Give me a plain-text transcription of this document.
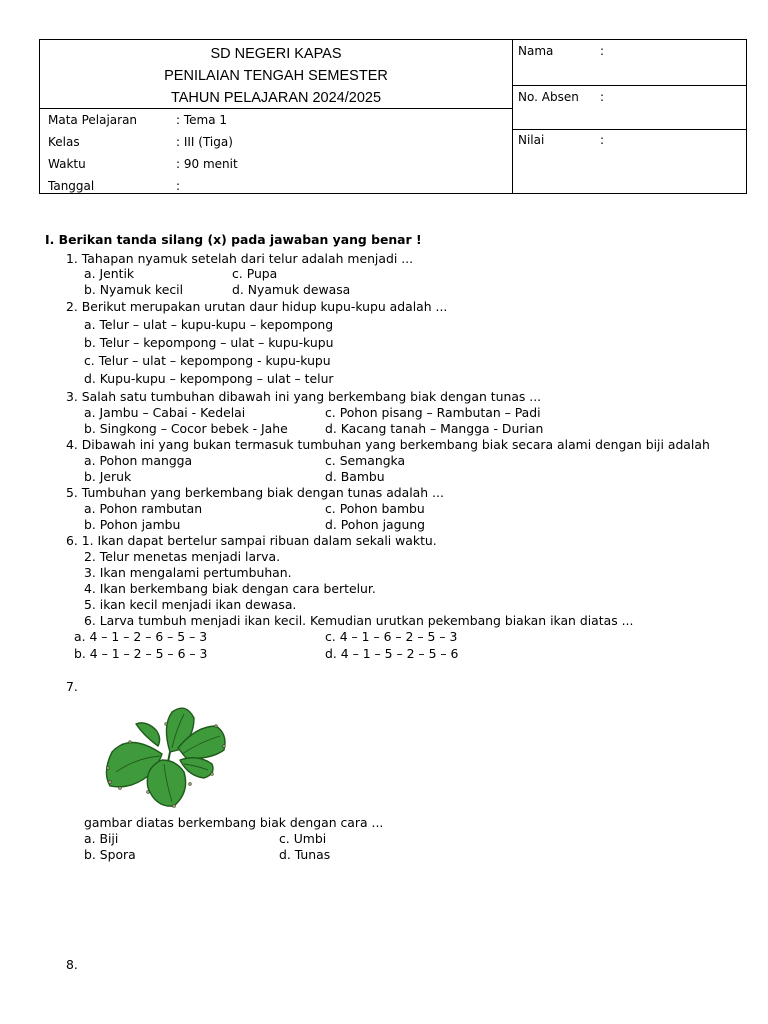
SD NEGERI KAPAS
PENILAIAN TENGAH SEMESTER
TAHUN PELAJARAN 2024/2025
Mata Pelajaran	: Tema 1
Kelas	: III (Tiga)
Waktu	: 90 menit
Tanggal	:
Nama	:
No. Absen :
Nilai	:
I. Berikan tanda silang (x) pada jawaban yang benar !
1. Tahapan nyamuk setelah dari telur adalah menjadi ...
a. Jentik	c. Pupa
b. Nyamuk kecil	d. Nyamuk dewasa
2. Berikut merupakan urutan daur hidup kupu-kupu adalah ...
a. Telur – ulat – kupu-kupu – kepompong
b. Telur – kepompong – ulat – kupu-kupu
c. Telur – ulat – kepompong - kupu-kupu
d. Kupu-kupu – kepompong – ulat – telur
3. Salah satu tumbuhan dibawah ini yang berkembang biak dengan tunas ...
a. Jambu – Cabai - Kedelai	c. Pohon pisang – Rambutan – Padi
b. Singkong – Cocor bebek - Jahe	d. Kacang tanah – Mangga - Durian
4. Dibawah ini yang bukan termasuk tumbuhan yang berkembang biak secara alami dengan biji adalah
a. Pohon mangga	c. Semangka
b. Jeruk	d. Bambu
5. Tumbuhan yang berkembang biak dengan tunas adalah ...
a. Pohon rambutan	c. Pohon bambu
b. Pohon jambu	d. Pohon jagung
6. 1. Ikan dapat bertelur sampai ribuan dalam sekali waktu.
2. Telur menetas menjadi larva.
3. Ikan mengalami pertumbuhan.
4. Ikan berkembang biak dengan cara bertelur.
5. ikan kecil menjadi ikan dewasa.
6. Larva tumbuh menjadi ikan kecil. Kemudian urutkan pekembang biakan ikan diatas ...
a. 4 – 1 – 2 – 6 – 5 – 3	c. 4 – 1 – 6 – 2 – 5 – 3
b. 4 – 1 – 2 – 5 – 6 – 3	d. 4 – 1 – 5 – 2 – 5 – 6
7.
gambar diatas berkembang biak dengan cara ...
a. Biji	c. Umbi
b. Spora	d. Tunas
8.
